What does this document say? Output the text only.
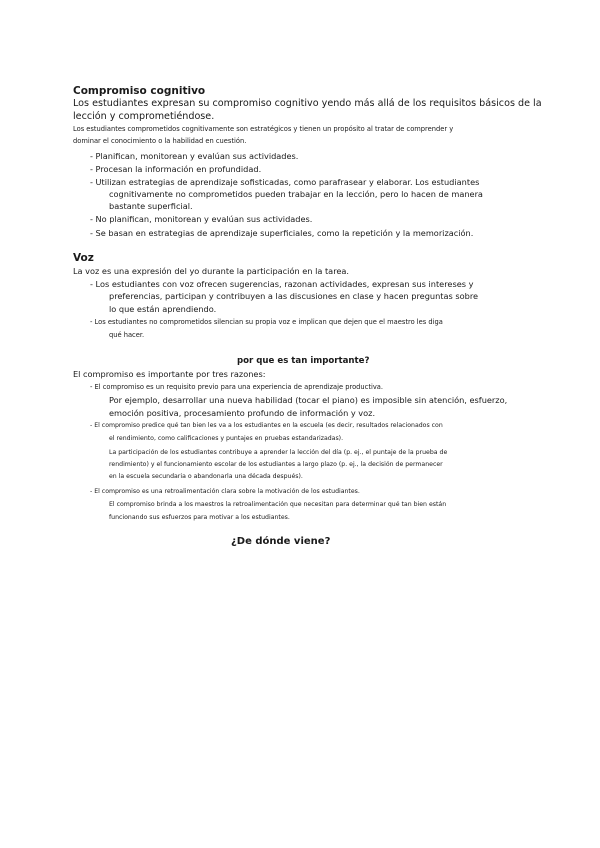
Compromiso cognitivo
Los estudiantes expresan su compromiso cognitivo yendo más allá de los requisitos básicos de la
lección y comprometiéndose.
Los estudiantes comprometidos cognitivamente son estratégicos y tienen un propósito al tratar de comprender y
dominar el conocimiento o la habilidad en cuestión.
- Planifican, monitorean y evalúan sus actividades.
- Procesan la información en profundidad.
- Utilizan estrategias de aprendizaje sofisticadas, como parafrasear y elaborar. Los estudiantes
cognitivamente no comprometidos pueden trabajar en la lección, pero lo hacen de manera
bastante superficial.
- No planifican, monitorean y evalúan sus actividades.
- Se basan en estrategias de aprendizaje superficiales, como la repetición y la memorización.
Voz
La voz es una expresión del yo durante la participación en la tarea.
- Los estudiantes con voz ofrecen sugerencias, razonan actividades, expresan sus intereses y
preferencias, participan y contribuyen a las discusiones en clase y hacen preguntas sobre
lo que están aprendiendo.
- Los estudiantes no comprometidos silencian su propia voz e implican que dejen que el maestro les diga
qué hacer.
por que es tan importante?
El compromiso es importante por tres razones:
- El compromiso es un requisito previo para una experiencia de aprendizaje productiva.
Por ejemplo, desarrollar una nueva habilidad (tocar el piano) es imposible sin atención, esfuerzo,
emoción positiva, procesamiento profundo de información y voz.
- El compromiso predice qué tan bien les va a los estudiantes en la escuela (es decir, resultados relacionados con
el rendimiento, como calificaciones y puntajes en pruebas estandarizadas).
La participación de los estudiantes contribuye a aprender la lección del día (p. ej., el puntaje de la prueba de
rendimiento) y el funcionamiento escolar de los estudiantes a largo plazo (p. ej., la decisión de permanecer
en la escuela secundaria o abandonarla una década después).
- El compromiso es una retroalimentación clara sobre la motivación de los estudiantes.
El compromiso brinda a los maestros la retroalimentación que necesitan para determinar qué tan bien están
funcionando sus esfuerzos para motivar a los estudiantes.
¿De dónde viene?
